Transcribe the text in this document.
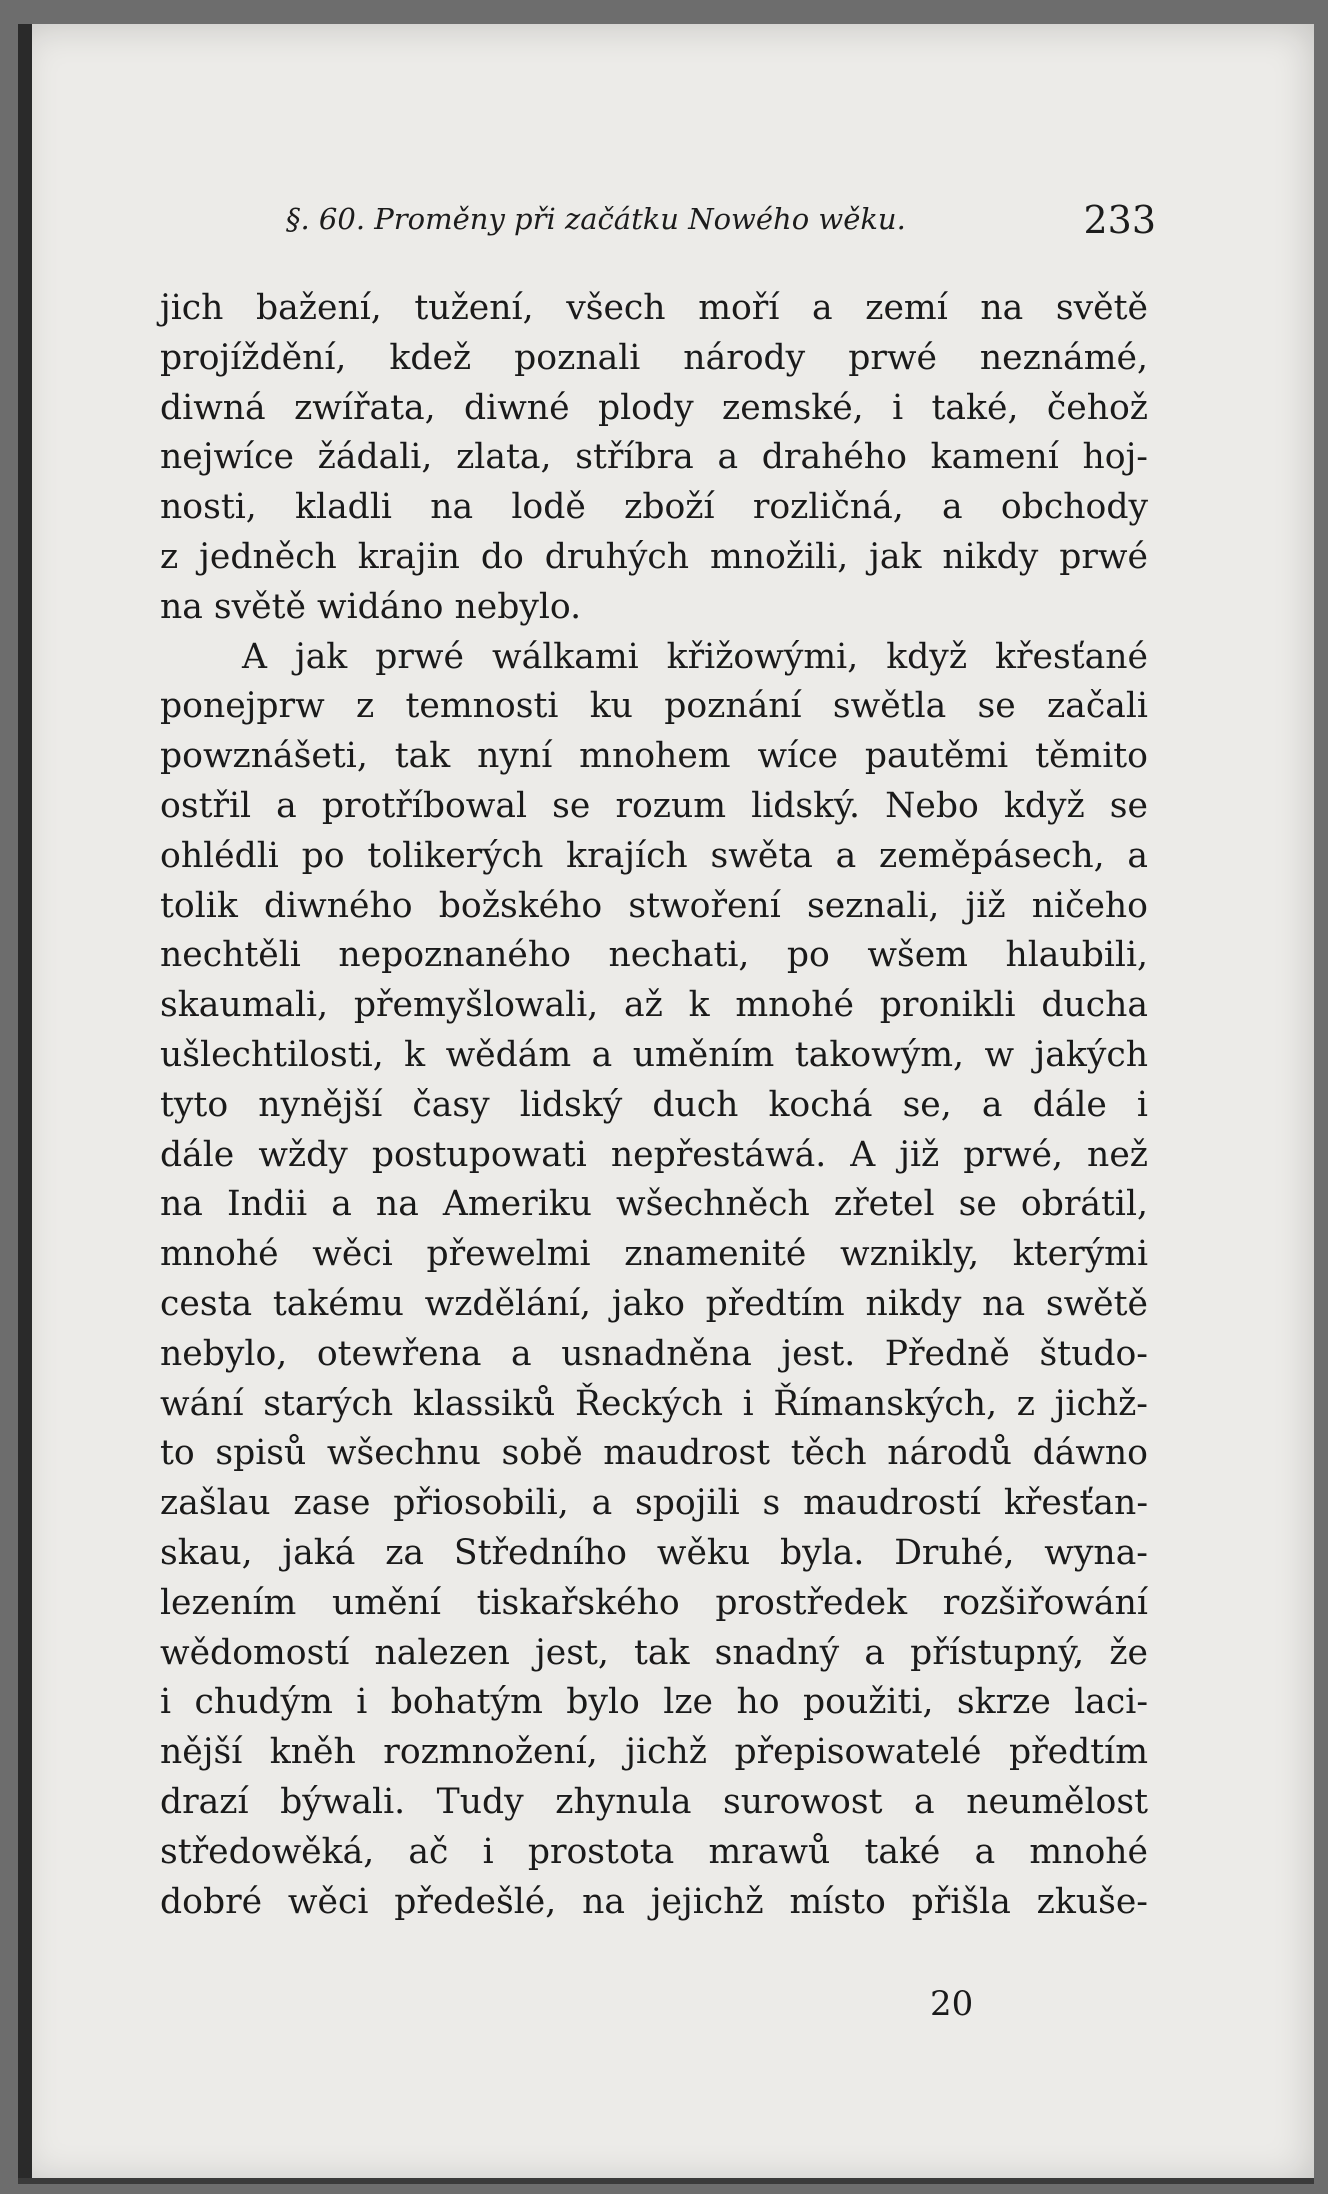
§. 60. Proměny při začátku Nowého wěku.	233
jich bažení, tužení, všech moří a zemí na světě
projíždění, kdež poznali národy prwé neznámé,
diwná zwířata, diwné plody zemské, i také, čehož
nejwíce žádali, zlata, stříbra a drahého kamení hoj-
nosti, kladli na lodě zboží rozličná, a obchody
z jedněch krajin do druhých množili, jak nikdy prwé
na světě widáno nebylo.
A jak prwé wálkami křižowými, když křesťané
ponejprw z temnosti ku poznání swětla se začali
powznášeti, tak nyní mnohem wíce pautěmi těmito
ostřil a protříbowal se rozum lidský. Nebo když se
ohlédli po tolikerých krajích swěta a zeměpásech, a
tolik diwného božského stwoření seznali, již ničeho
nechtěli nepoznaného nechati, po wšem hlaubili,
skaumali, přemyšlowali, až k mnohé pronikli ducha
ušlechtilosti, k wědám a uměním takowým, w jakých
tyto nynější časy lidský duch kochá se, a dále i
dále wždy postupowati nepřestáwá. A již prwé, než
na Indii a na Ameriku wšechněch zřetel se obrátil,
mnohé wěci přewelmi znamenité wznikly, kterými
cesta takému wzdělání, jako předtím nikdy na swětě
nebylo, otewřena a usnadněna jest. Předně študo-
wání starých klassiků Řeckých i Římanských, z jichž-
to spisů wšechnu sobě maudrost těch národů dáwno
zašlau zase přiosobili, a spojili s maudrostí křesťan-
skau, jaká za Středního wěku byla. Druhé, wyna-
lezením umění tiskařského prostředek rozšiřowání
wědomostí nalezen jest, tak snadný a přístupný, že
i chudým i bohatým bylo lze ho použiti, skrze laci-
nější kněh rozmnožení, jichž přepisowatelé předtím
drazí býwali. Tudy zhynula surowost a neumělost
středowěká, ač i prostota mrawů také a mnohé
dobré wěci předešlé, na jejichž místo přišla zkuše-
20
